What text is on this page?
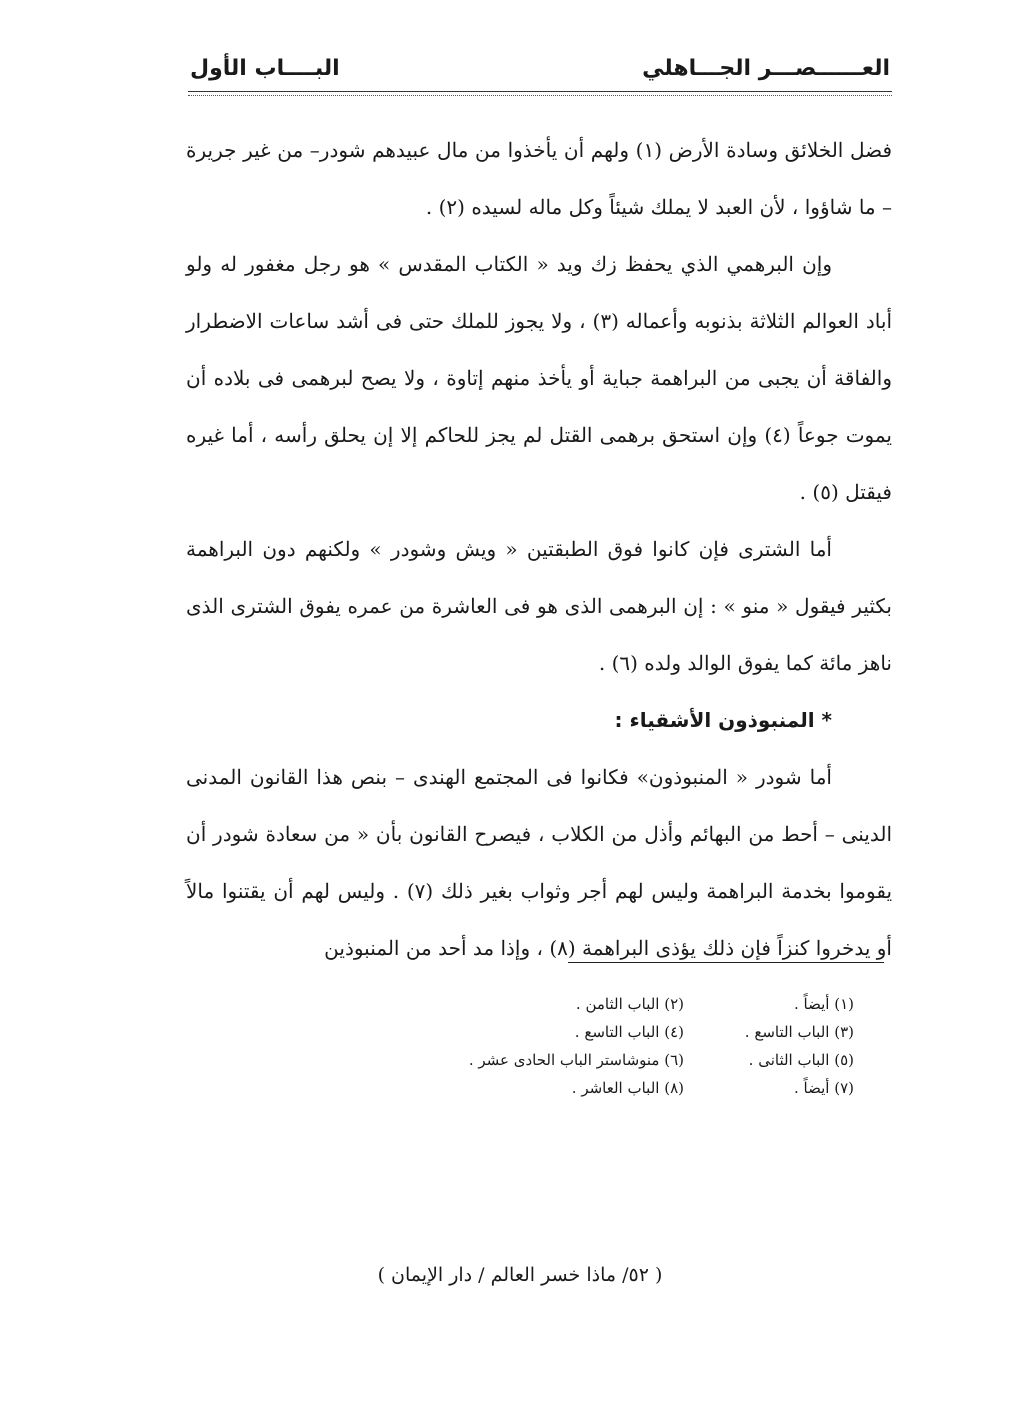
العــــــصـــر الجـــاهلي
البــــاب الأول

فضل الخلائق وسادة الأرض (١) ولهم أن يأخذوا من مال عبيدهم شودر– من غير جريرة – ما شاؤوا ، لأن العبد لا يملك شيئاً وكل ماله لسيده (٢) .

وإن البرهمي الذي يحفظ زك ويد « الكتاب المقدس » هو رجل مغفور له ولو أباد العوالم الثلاثة بذنوبه وأعماله (٣) ، ولا يجوز للملك حتى فى أشد ساعات الاضطرار والفاقة أن يجبى من البراهمة جباية أو يأخذ منهم إتاوة ، ولا يصح لبرهمى فى بلاده أن يموت جوعاً (٤) وإن استحق برهمى القتل لم يجز للحاكم إلا إن يحلق رأسه ، أما غيره فيقتل (٥) .

أما الشترى فإن كانوا فوق الطبقتين « ويش وشودر » ولكنهم دون البراهمة بكثير فيقول « منو » : إن البرهمى الذى هو فى العاشرة من عمره يفوق الشترى الذى ناهز مائة كما يفوق الوالد ولده (٦) .

* المنبوذون الأشقياء :

أما شودر « المنبوذون» فكانوا فى المجتمع الهندى – بنص هذا القانون المدنى الدينى – أحط من البهائم وأذل من الكلاب ، فيصرح القانون بأن « من سعادة شودر أن يقوموا بخدمة البراهمة وليس لهم أجر وثواب بغير ذلك (٧) . وليس لهم أن يقتنوا مالاً أو يدخروا كنزاً فإن ذلك يؤذى البراهمة (٨) ، وإذا مد أحد من المنبوذين

(١) أيضاً .
(٢) الباب الثامن .
(٣) الباب التاسع .
(٤) الباب التاسع .
(٥) الباب الثانى .
(٦) منوشاستر الباب الحادى عشر .
(٧) أيضاً .
(٨) الباب العاشر .
( ٥٢/ ماذا خسر العالم / دار الإيمان )
